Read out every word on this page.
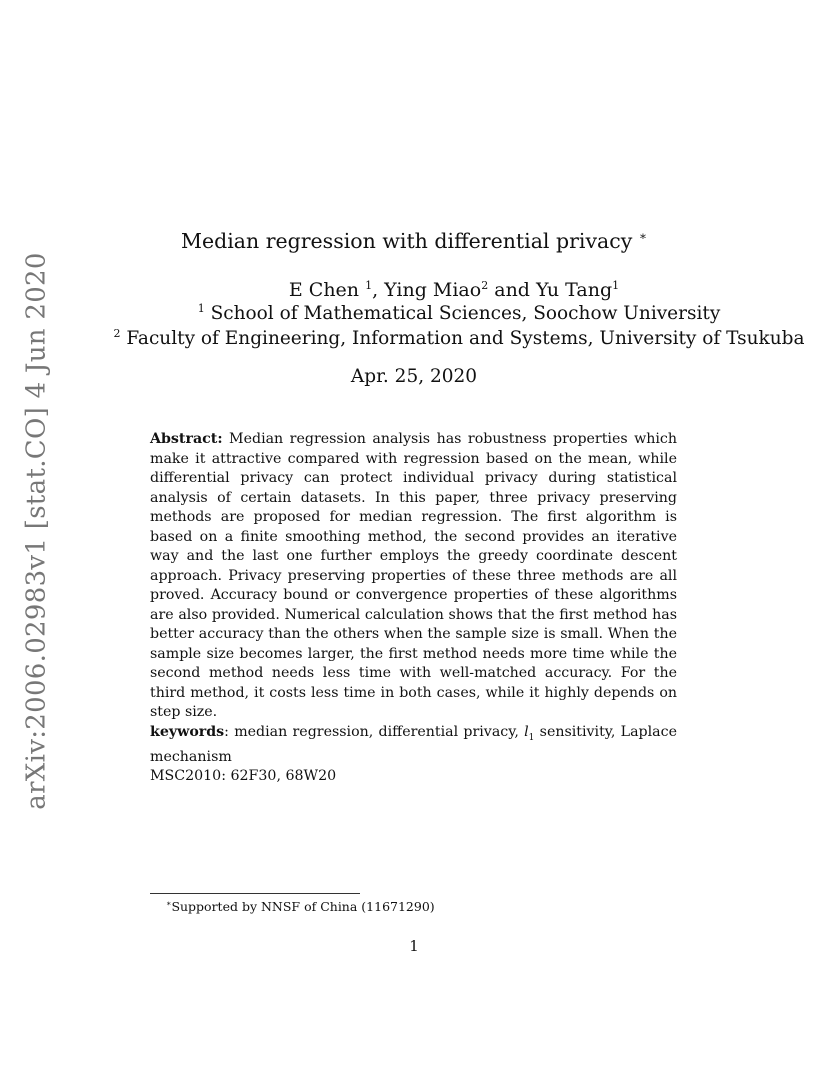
arXiv:2006.02983v1 [stat.CO] 4 Jun 2020
Median regression with differential privacy ∗
E Chen $^1$, Ying Miao$^2$ and Yu Tang$^1$
$^1$ School of Mathematical Sciences, Soochow University
$^2$ Faculty of Engineering, Information and Systems, University of Tsukuba
Apr. 25, 2020

Abstract: Median regression analysis has robustness properties which make it attractive compared with regression based on the mean, while differential privacy can protect individual privacy during statistical analysis of certain datasets. In this paper, three privacy preserving methods are proposed for median regression. The first algorithm is based on a finite smoothing method, the second provides an iterative way and the last one further employs the greedy coordinate descent approach. Privacy preserving properties of these three methods are all proved. Accuracy bound or convergence properties of these algorithms are also provided. Numerical calculation shows that the first method has better accuracy than the others when the sample size is small. When the sample size becomes larger, the first method needs more time while the second method needs less time with well-matched accuracy. For the third method, it costs less time in both cases, while it highly depends on step size.

keywords: median regression, differential privacy, $l_1$ sensitivity, Laplace mechanism

MSC2010: 62F30, 68W20

∗Supported by NNSF of China (11671290)
1
